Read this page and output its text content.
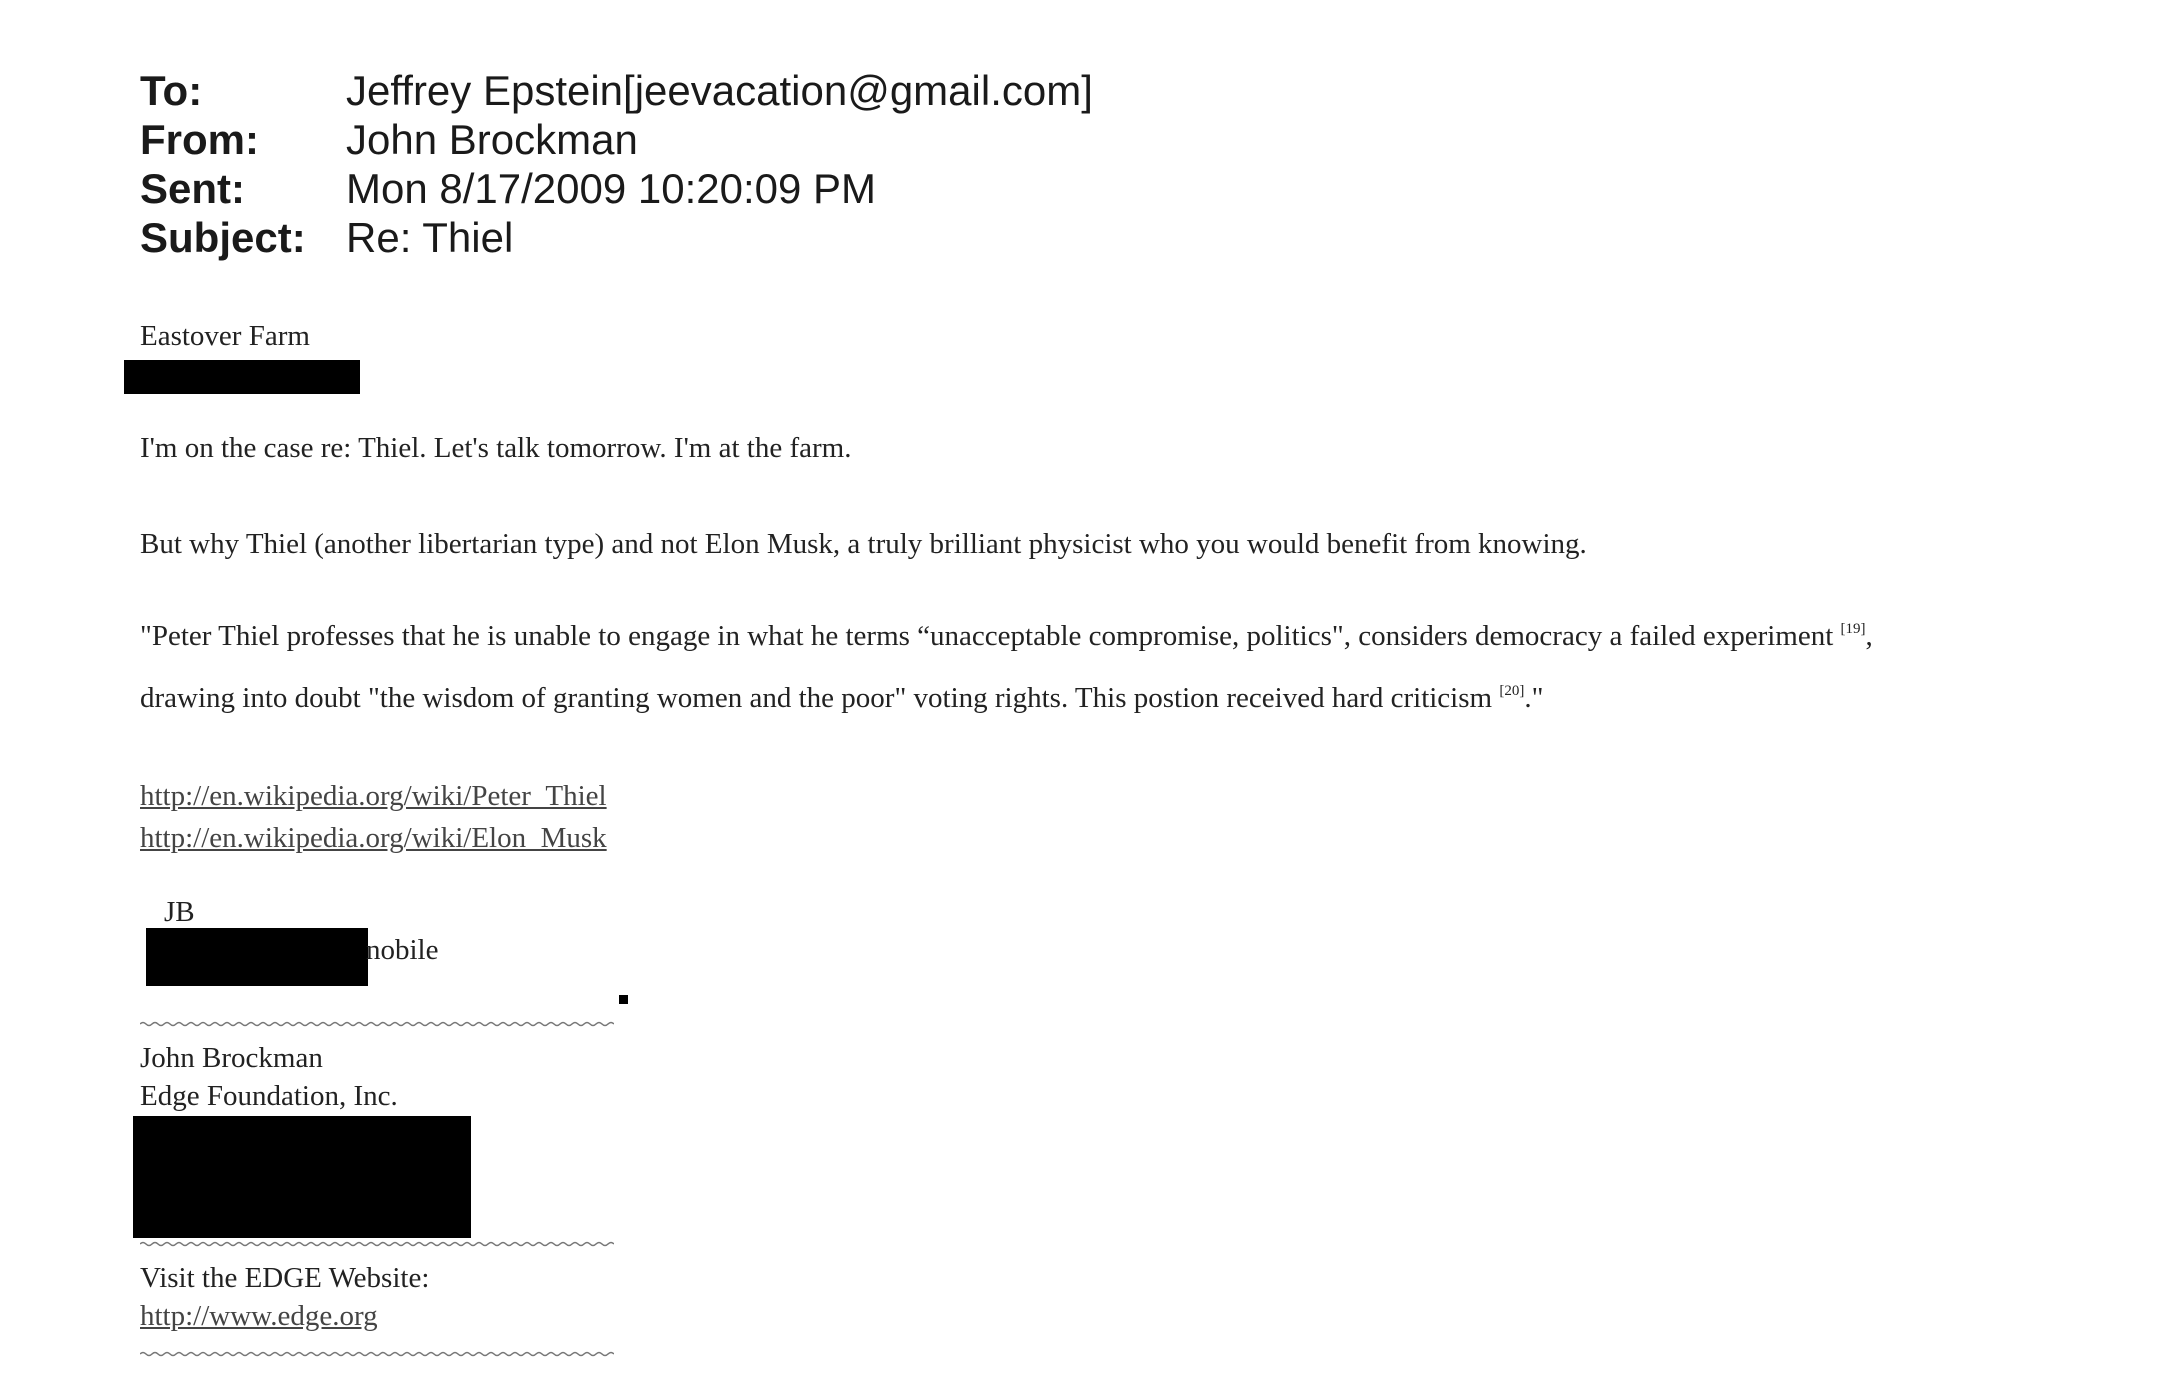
To:	Jeffrey Epstein[jeevacation@gmail.com]
From:	John Brockman
Sent:	Mon 8/17/2009 10:20:09 PM
Subject: Re: Thiel
Eastover Farm
I'm on the case re: Thiel. Let's talk tomorrow. I'm at the farm.
But why Thiel (another libertarian type) and not Elon Musk, a truly brilliant physicist who you would benefit from knowing.
"Peter Thiel professes that he is unable to engage in what he terms “unacceptable compromise, politics", considers democracy a failed experiment [19],
drawing into doubt "the wisdom of granting women and the poor" voting rights. This postion received hard criticism [20]."
http://en.wikipedia.org/wiki/Peter_Thiel
http://en.wikipedia.org/wiki/Elon_Musk
JB
nobile
John Brockman
Edge Foundation, Inc.
Visit the EDGE Website:
http://www.edge.org
